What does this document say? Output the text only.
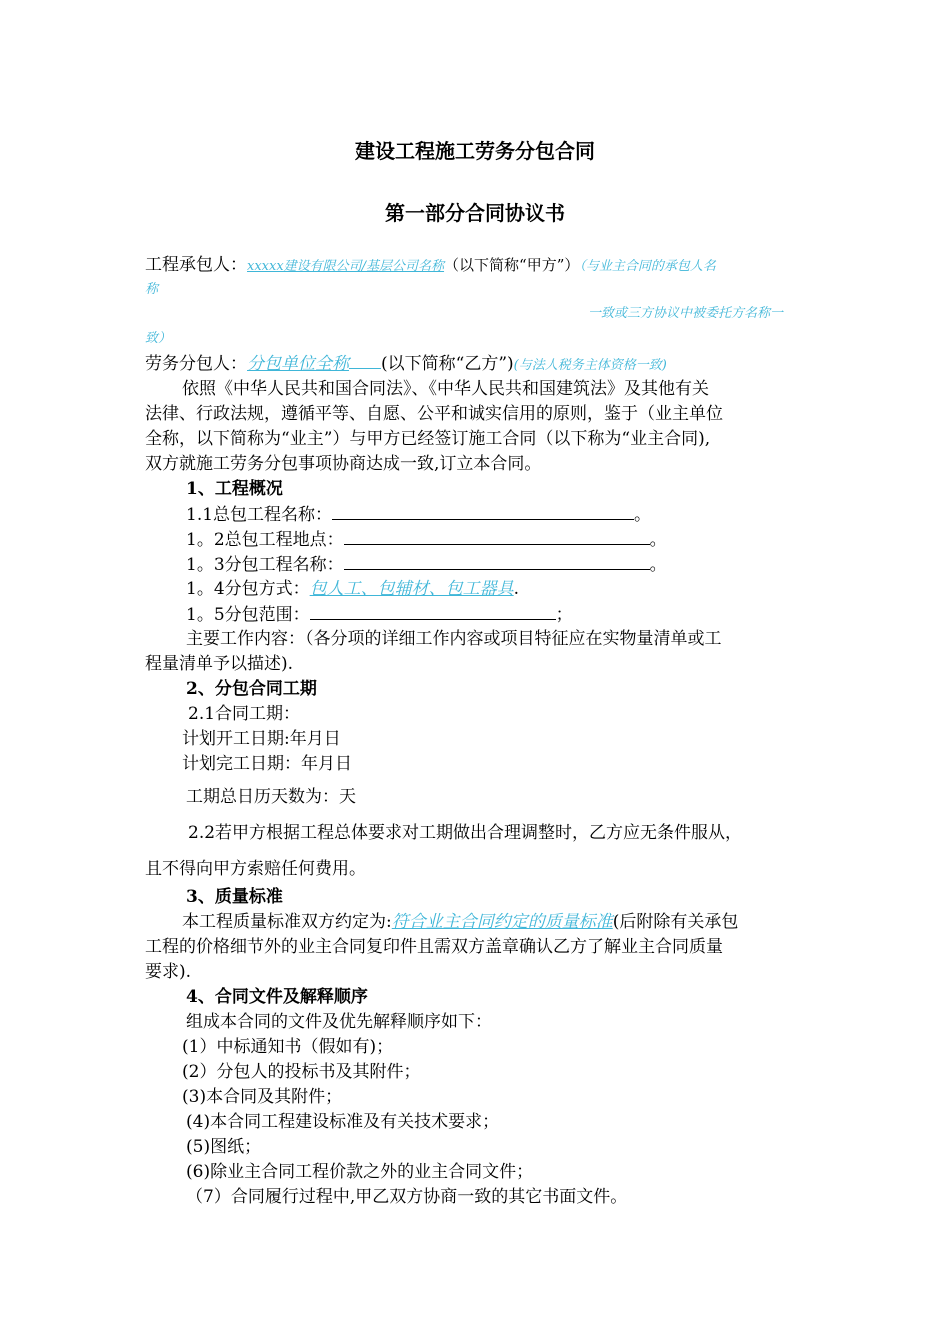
建设工程施工劳务分包合同
第一部分合同协议书
工程承包人：xxxxx建设有限公司/基层公司名称（以下简称“甲方”）（与业主合同的承包人名
称
一致或三方协议中被委托方名称一
致）
劳务分包人：分包单位全称 (以下简称“乙方”)(与法人税务主体资格一致)
依照《中华人民共和国合同法》、《中华人民共和国建筑法》及其他有关
法律、行政法规，遵循平等、自愿、公平和诚实信用的原则，鉴于（业主单位
全称，以下简称为“业主”）与甲方已经签订施工合同（以下称为“业主合同),
双方就施工劳务分包事项协商达成一致,订立本合同。
1、工程概况
1.1总包工程名称：	。
1。2总包工程地点：	。
1。3分包工程名称：	。
1。4分包方式：包人工、包辅材、包工器具.
1。5分包范围：	；
主要工作内容：（各分项的详细工作内容或项目特征应在实物量清单或工
程量清单予以描述).
2、分包合同工期
2.1合同工期：
计划开工日期:年月日
计划完工日期：年月日
工期总日历天数为：天
2.2若甲方根据工程总体要求对工期做出合理调整时，乙方应无条件服从，
且不得向甲方索赔任何费用。
3、质量标准
本工程质量标准双方约定为:符合业主合同约定的质量标准(后附除有关承包
工程的价格细节外的业主合同复印件且需双方盖章确认乙方了解业主合同质量
要求).
4、合同文件及解释顺序
组成本合同的文件及优先解释顺序如下：
(1）中标通知书（假如有)；
(2）分包人的投标书及其附件；
(3)本合同及其附件；
(4)本合同工程建设标准及有关技术要求；
(5)图纸；
(6)除业主合同工程价款之外的业主合同文件；
（7）合同履行过程中,甲乙双方协商一致的其它书面文件。
